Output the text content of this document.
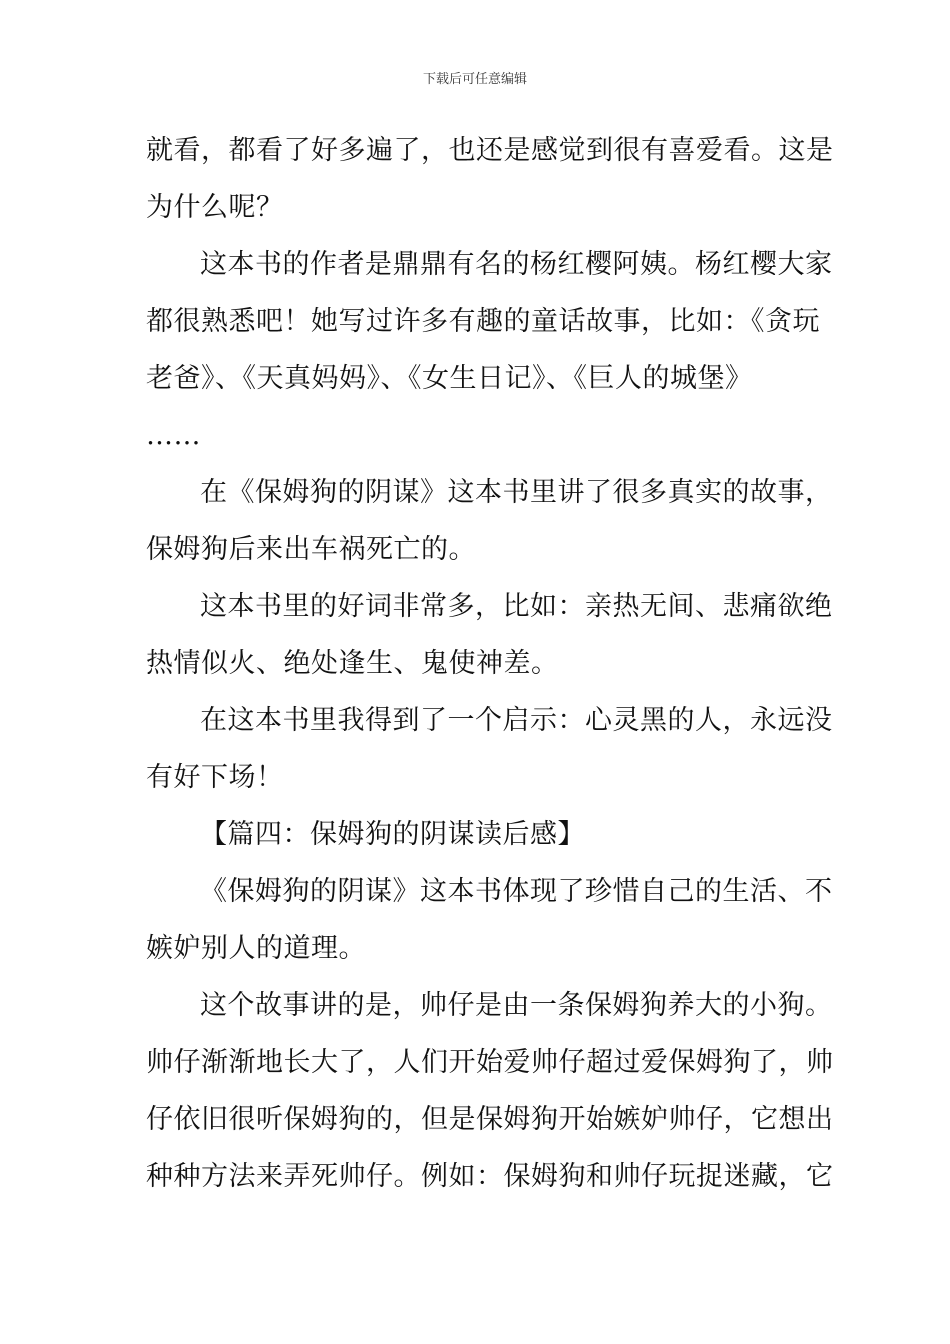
下载后可任意编辑
就看，都看了好多遍了，也还是感觉到很有喜爱看。这是
为什么呢？
这本书的作者是鼎鼎有名的杨红樱阿姨。杨红樱大家
都很熟悉吧！她写过许多有趣的童话故事，比如：《贪玩
老爸》、《天真妈妈》、《女生日记》、《巨人的城堡》
……
在《保姆狗的阴谋》这本书里讲了很多真实的故事，
保姆狗后来出车祸死亡的。
这本书里的好词非常多，比如：亲热无间、悲痛欲绝
热情似火、绝处逢生、鬼使神差。
在这本书里我得到了一个启示：心灵黑的人，永远没
有好下场！
【篇四：保姆狗的阴谋读后感】
《保姆狗的阴谋》这本书体现了珍惜自己的生活、不
嫉妒别人的道理。
这个故事讲的是，帅仔是由一条保姆狗养大的小狗。
帅仔渐渐地长大了，人们开始爱帅仔超过爱保姆狗了，帅
仔依旧很听保姆狗的，但是保姆狗开始嫉妒帅仔，它想出
种种方法来弄死帅仔。例如：保姆狗和帅仔玩捉迷藏，它
